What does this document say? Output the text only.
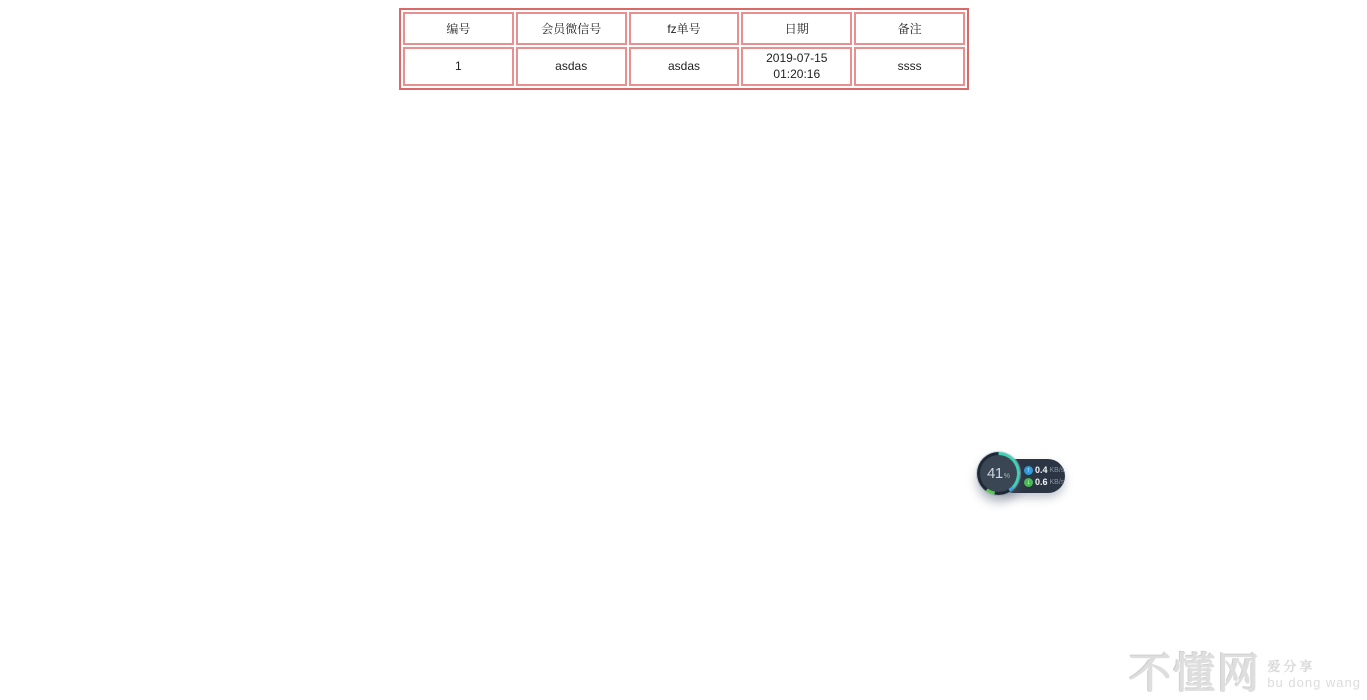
编号	会员微信号	fz单号	日期	备注
1	asdas	asdas	2019-07-15 01:20:16	ssss
↑ 0.4 KB/s
↓ 0.6 KB/s
41 %
不懂网 爱分享
bu dong wang
